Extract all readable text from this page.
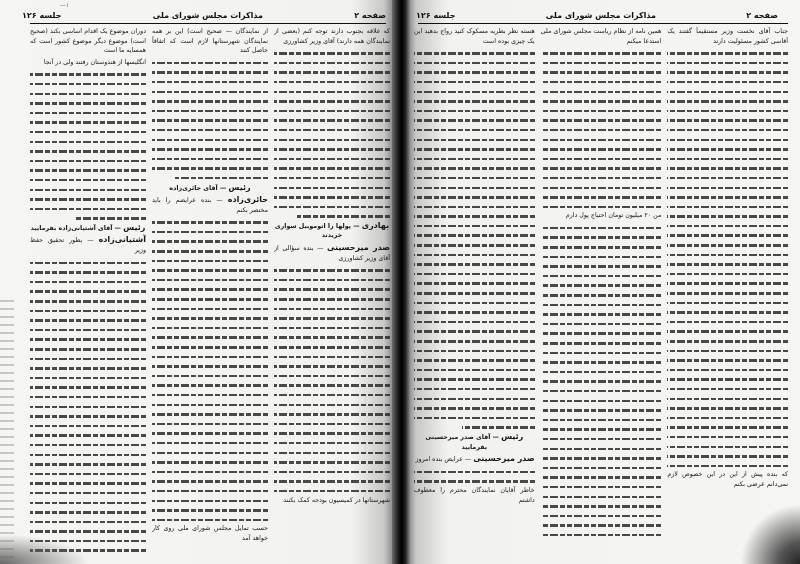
—۱
صفحه ۲
مذاکرات مجلس شورای ملی
جلسه ۱۲۶

که علاقه بجنوب دارند توجه کنم (بعضی از نمایندگان همه دارند) آقای وزیر کشاورزی

بهادری — پولها را اتوموبیل سواری خریدند

صدر میرحسینی — بنده سؤالی از آقای وزیر کشاورزی

شهرستانها در کمیسیون بودجه کمک بکنند

از نمایندگان — صحیح است) این بر همه نمایندگان شهرستانها لازم است که اتفاقاً حاصل کنند

رئیس — آقای حائری‌زاده

حائری‌زاده — بنده عرایضم را باید مختصر بکنم

حسب تمایل مجلس شورای ملی روی کار خواهد آمد

دوران موضوع یک اقدام اساسی بکند (صحیح است) موضوع دیگر موضوع کشور است که همسایه ما است

انگلیسها از هندوستان رفتند ولی در آنجا

رئیس — آقای آشتیانی‌زاده بفرمایید

آشتیانی‌زاده — بطور تحقیق حفظ وزیر

صفحه ۲
مذاکرات مجلس شورای ملی
جلسه ۱۲۶

جناب آقای نخست وزیر مستقیماً گفتند یک آقاسی کشور مسئولیت دارند

که بنده پیش از این در این خصوص لازم نمی‌دانم عرضی بکنم

همین نامه از نظام ریاست مجلس شورای ملی استدعا میکنم

من ۲۰ میلیون تومان احتیاج پول دارم

هسته نظر بطریه مسکوک کنید رواج بدهید این یک چیزی بوده است

رئیس — آقای صدر میرحسینی بفرمایید

صدر میرحسینی — عرایض بنده امروز

خاطر آقایان نمایندگان محترم را معطوف داشتم
